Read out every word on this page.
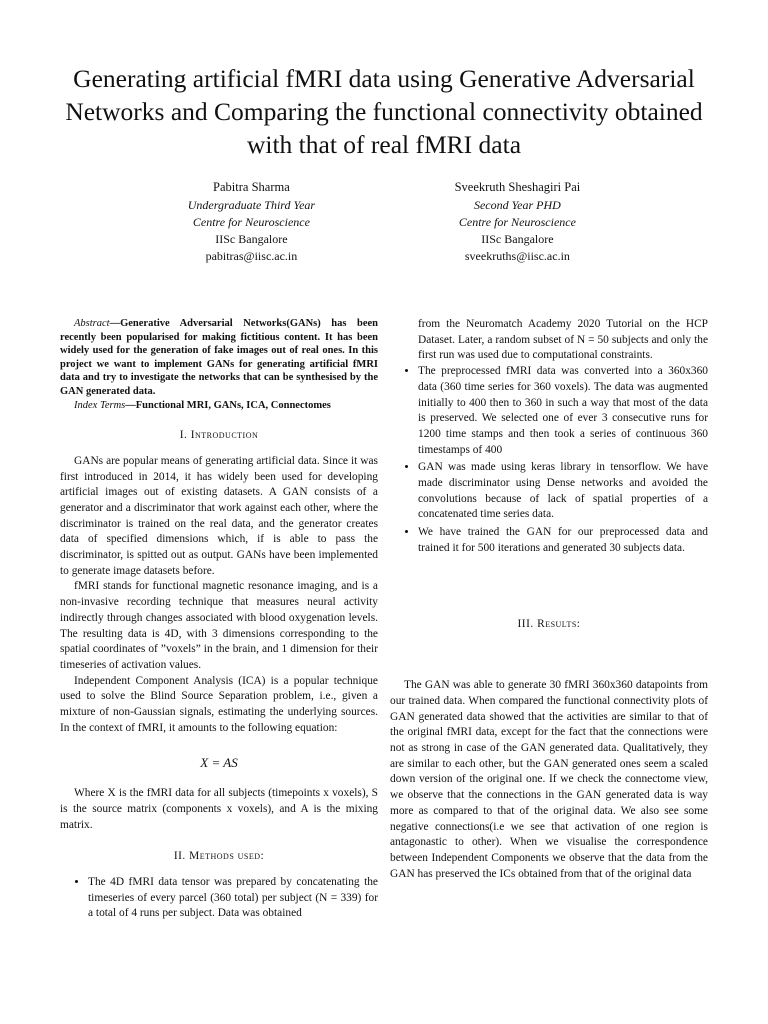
Generating artificial fMRI data using Generative Adversarial Networks and Comparing the functional connectivity obtained with that of real fMRI data
Pabitra Sharma
Undergraduate Third Year
Centre for Neuroscience
IISc Bangalore
pabitras@iisc.ac.in
Sveekruth Sheshagiri Pai
Second Year PHD
Centre for Neuroscience
IISc Bangalore
sveekruths@iisc.ac.in

Abstract—Generative Adversarial Networks(GANs) has been recently been popularised for making fictitious content. It has been widely used for the generation of fake images out of real ones. In this project we want to implement GANs for generating artificial fMRI data and try to investigate the networks that can be synthesised by the GAN generated data.

Index Terms—Functional MRI, GANs, ICA, Connectomes

I. Introduction

GANs are popular means of generating artificial data. Since it was first introduced in 2014, it has widely been used for developing artificial images out of existing datasets. A GAN consists of a generator and a discriminator that work against each other, where the discriminator is trained on the real data, and the generator creates data of specified dimensions which, if is able to pass the discriminator, is spitted out as output. GANs have been implemented to generate image datasets before.

fMRI stands for functional magnetic resonance imaging, and is a non-invasive recording technique that measures neural activity indirectly through changes associated with blood oxygenation levels. The resulting data is 4D, with 3 dimensions corresponding to the spatial coordinates of ”voxels” in the brain, and 1 dimension for their timeseries of activation values.

Independent Component Analysis (ICA) is a popular technique used to solve the Blind Source Separation problem, i.e., given a mixture of non-Gaussian signals, estimating the underlying sources. In the context of fMRI, it amounts to the following equation:

X = AS

Where X is the fMRI data for all subjects (timepoints x voxels), S is the source matrix (components x voxels), and A is the mixing matrix.

II. Methods used:
• The 4D fMRI data tensor was prepared by concatenating the timeseries of every parcel (360 total) per subject (N = 339) for a total of 4 runs per subject. Data was obtained
from the Neuromatch Academy 2020 Tutorial on the HCP Dataset. Later, a random subset of N = 50 subjects and only the first run was used due to computational constraints.
• The preprocessed fMRI data was converted into a 360x360 data (360 time series for 360 voxels). The data was augmented initially to 400 then to 360 in such a way that most of the data is preserved. We selected one of ever 3 consecutive runs for 1200 time stamps and then took a series of continuous 360 timestamps of 400
• GAN was made using keras library in tensorflow. We have made discriminator using Dense networks and avoided the convolutions because of lack of spatial properties of a concatenated time series data.
• We have trained the GAN for our preprocessed data and trained it for 500 iterations and generated 30 subjects data.
III. Results:

The GAN was able to generate 30 fMRI 360x360 datapoints from our trained data. When compared the functional connectivity plots of GAN generated data showed that the activities are similar to that of the original fMRI data, except for the fact that the connections were not as strong in case of the GAN generated data. Qualitatively, they are similar to each other, but the GAN generated ones seem a scaled down version of the original one. If we check the connectome view, we observe that the connections in the GAN generated data is way more as compared to that of the original data. We also see some negative connections(i.e we see that activation of one region is antagonastic to other). When we visualise the correspondence between Independent Components we observe that the data from the GAN has preserved the ICs obtained from that of the original data
